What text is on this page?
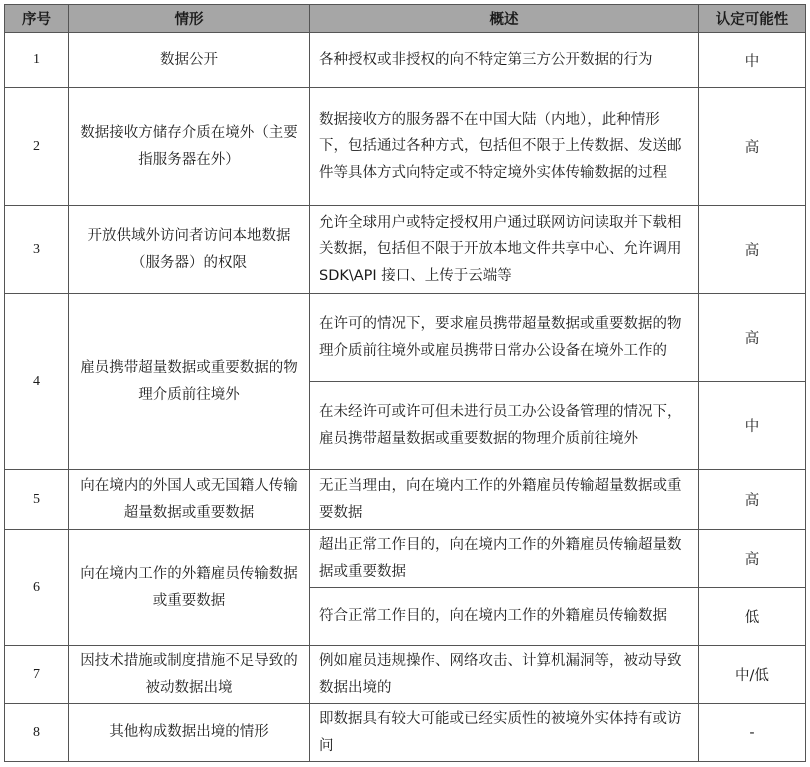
序号	情形	概述	认定可能性
1	数据公开	各种授权或非授权的向不特定第三方公开数据的行为	中
2	数据接收方储存介质在境外（主要指服务器在外）	数据接收方的服务器不在中国大陆（内地），此种情形下，包括通过各种方式，包括但不限于上传数据、发送邮件等具体方式向特定或不特定境外实体传输数据的过程	高
3	开放供域外访问者访问本地数据（服务器）的权限	允许全球用户或特定授权用户通过联网访问读取并下载相关数据，包括但不限于开放本地文件共享中心、允许调用 SDK\API 接口、上传于云端等	高
4	雇员携带超量数据或重要数据的物理介质前往境外	在许可的情况下，要求雇员携带超量数据或重要数据的物理介质前往境外或雇员携带日常办公设备在境外工作的	高
		在未经许可或许可但未进行员工办公设备管理的情况下，雇员携带超量数据或重要数据的物理介质前往境外	中
5	向在境内的外国人或无国籍人传输超量数据或重要数据	无正当理由，向在境内工作的外籍雇员传输超量数据或重要数据	高
6	向在境内工作的外籍雇员传输数据或重要数据	超出正常工作目的，向在境内工作的外籍雇员传输超量数据或重要数据	高
		符合正常工作目的，向在境内工作的外籍雇员传输数据	低
7	因技术措施或制度措施不足导致的被动数据出境	例如雇员违规操作、网络攻击、计算机漏洞等，被动导致数据出境的	中/低
8	其他构成数据出境的情形	即数据具有较大可能或已经实质性的被境外实体持有或访问	-
